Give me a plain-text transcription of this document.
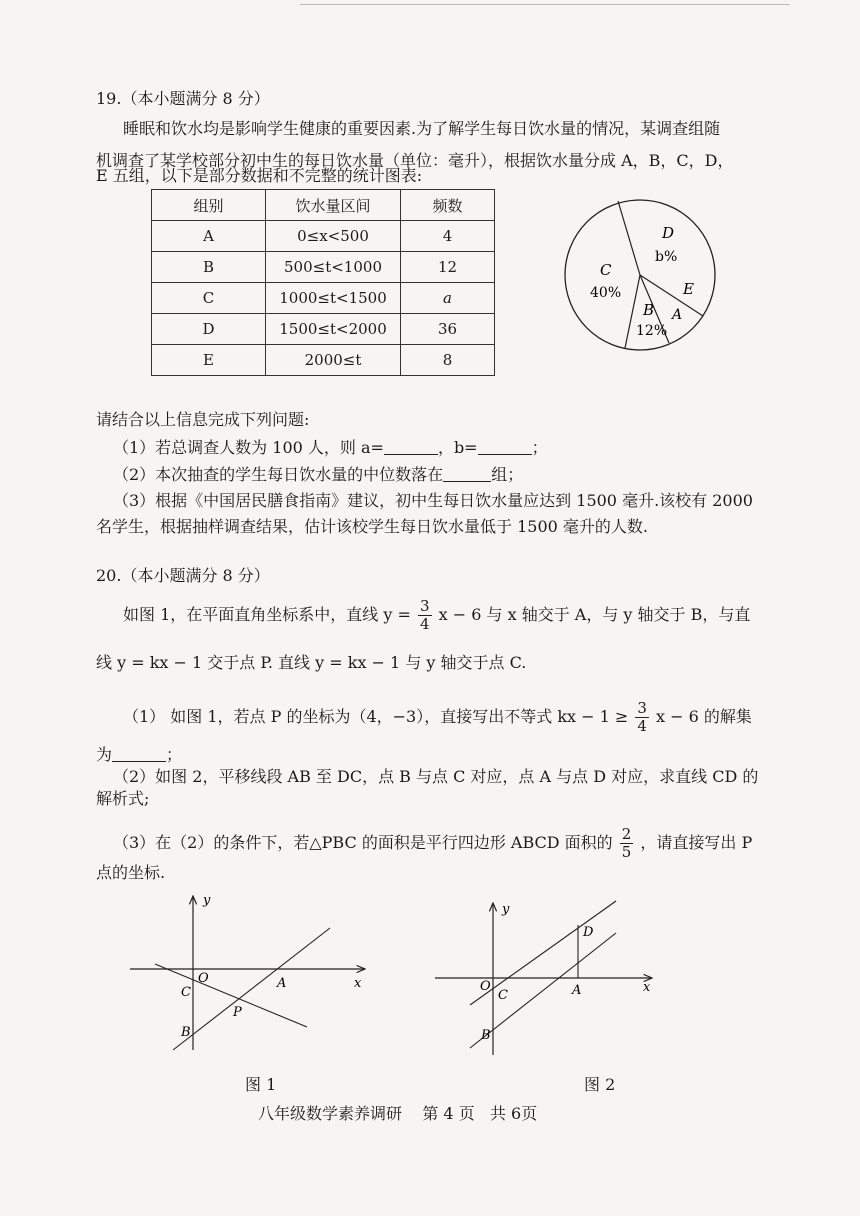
19.（本小题满分 8 分）
睡眠和饮水均是影响学生健康的重要因素.为了解学生每日饮水量的情况，某调查组随
机调查了某学校部分初中生的每日饮水量（单位：毫升），根据饮水量分成 A，B，C，D，
E 五组，以下是部分数据和不完整的统计图表:
组别	饮水量区间	频数
A	0≤x<500	4
B	500≤t<1000	12
C	1000≤t<1500	a
D	1500≤t<2000	36
E	2000≤t	8
D
b%
C
40%	E
B
12%
A
请结合以上信息完成下列问题:
（1）若总调查人数为 100 人，则 a=	，b=	；
（2）本次抽查的学生每日饮水量的中位数落在	组；
（3）根据《中国居民膳食指南》建议，初中生每日饮水量应达到 1500 毫升.该校有 2000
名学生，根据抽样调查结果，估计该校学生每日饮水量低于 1500 毫升的人数.
20.（本小题满分 8 分）
如图 1，在平面直角坐标系中，直线 $y = \frac{3}{4}$ x − 6 与 x 轴交于 A，与 y 轴交于 B，与直
线 y = kx − 1 交于点 P. 直线 y = kx − 1 与 y 轴交于点 C.
（1） 如图 1，若点 P 的坐标为（4，−3），直接写出不等式 kx − $1 \ge \frac{3}{4}$ x − 6 的解集
为	；
（2）如图 2，平移线段 AB 至 DC，点 B 与点 C 对应，点 A 与点 D 对应，求直线 CD 的
解析式;
（3）在（2）的条件下，若△PBC 的面积是平行四边形 ABCD 面积的 $\frac{2}{5}$ ，请直接写出 P
点的坐标.
y
x
O
C
A
P
B
图 1
y
x
O
C	A
D
B
图 2
八年级数学素养调研    第 4 页   共 6页
